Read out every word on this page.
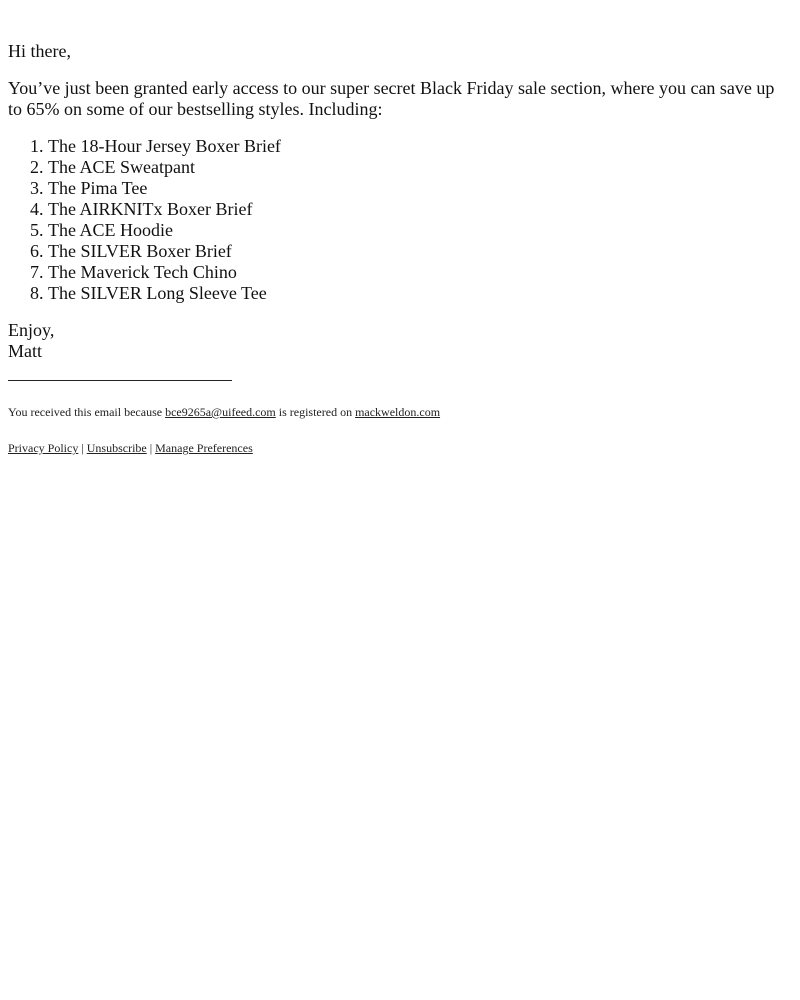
Hi there,

You’ve just been granted early access to our super secret Black Friday sale section, where you can save up to 65% on some of our bestselling styles. Including:

1. The 18-Hour Jersey Boxer Brief
2. The ACE Sweatpant
3. The Pima Tee
4. The AIRKNITx Boxer Brief
5. The ACE Hoodie
6. The SILVER Boxer Brief
7. The Maverick Tech Chino
8. The SILVER Long Sleeve Tee
Enjoy,
Matt

You received this email because bce9265a@uifeed.com is registered on mackweldon.com

Privacy Policy | Unsubscribe | Manage Preferences
